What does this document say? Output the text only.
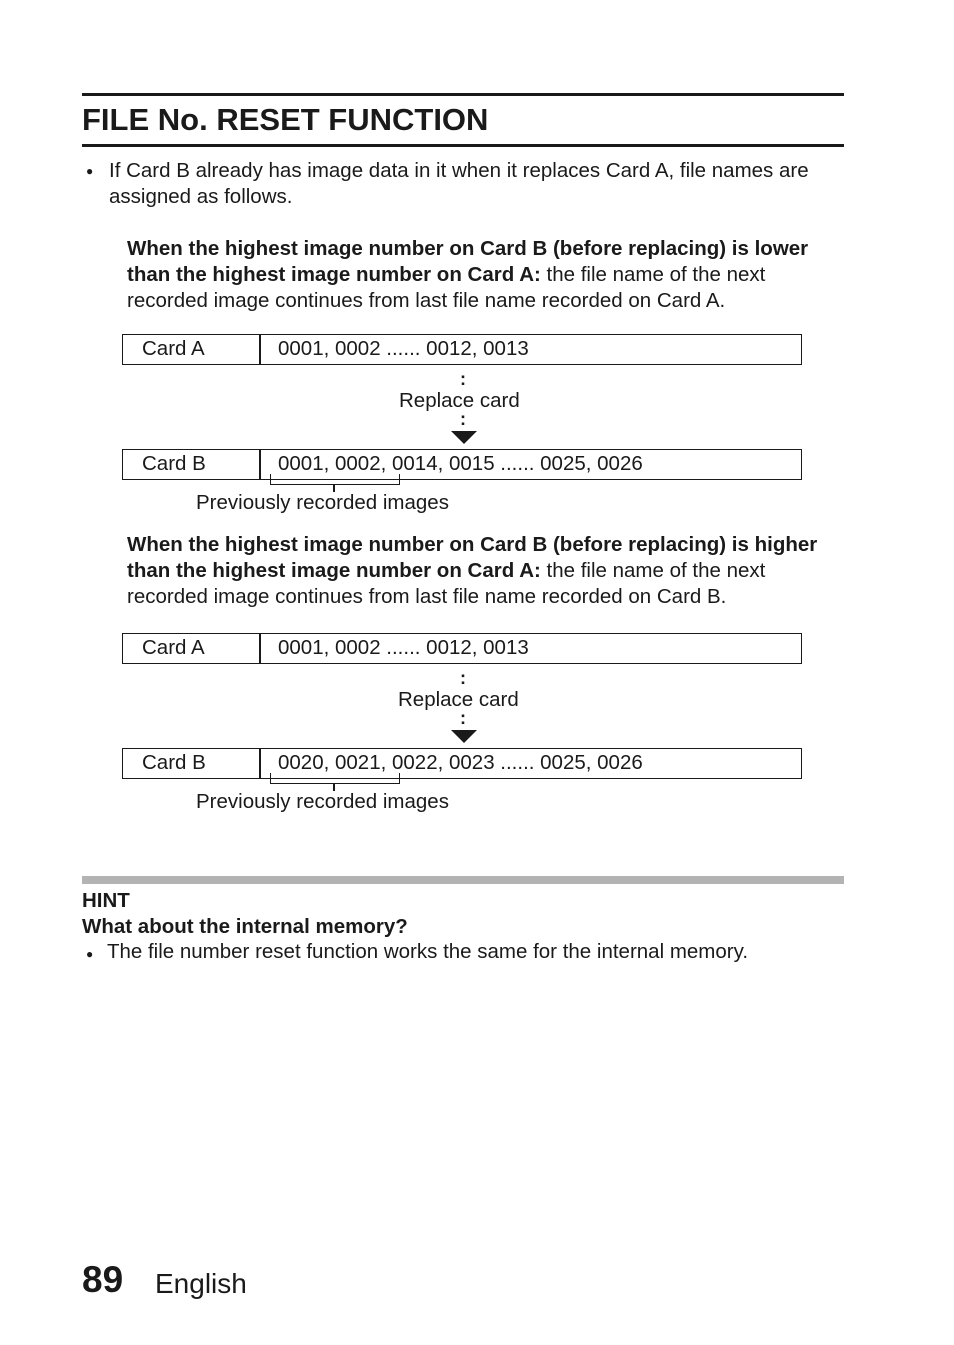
FILE No. RESET FUNCTION
● If Card B already has image data in it when it replaces Card A, file names are assigned as follows.
When the highest image number on Card B (before replacing) is lower than the highest image number on Card A: the file name of the next recorded image continues from last file name recorded on Card A.
Card A	0001, 0002 ...... 0012, 0013
:
Replace card
:
Card B	0001, 0002, 0014, 0015 ...... 0025, 0026
Previously recorded images
When the highest image number on Card B (before replacing) is higher than the highest image number on Card A: the file name of the next recorded image continues from last file name recorded on Card B.
Card A	0001, 0002 ...... 0012, 0013
:
Replace card
:
Card B	0020, 0021, 0022, 0023 ...... 0025, 0026
Previously recorded images
HINT
What about the internal memory?
● The file number reset function works the same for the internal memory.
89 English
